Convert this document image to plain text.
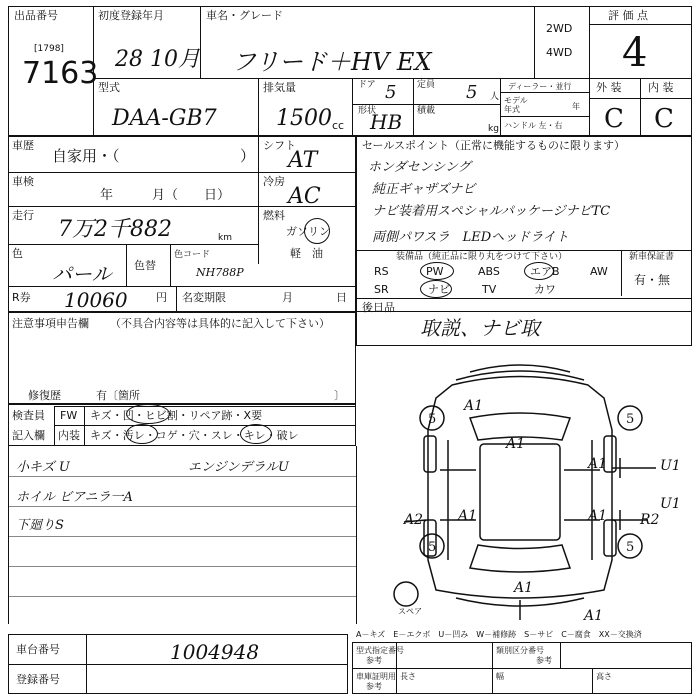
出品番号
[1798]
7163
初度登録年月
28 10月
車名・グレード
フリード＋HV EX
2WD
4WD
評 価 点
4
型式
DAA-GB7
排気量
1500 cc
ドア 5 定員 5 人
形状
HB 積載
kg
ディーラー・並行
モデル年式	年
ハンドル 左・右
外 装 内 装
C C
車歴
自家用・（	）
シフト
AT
車検
年　　　月（　　日）
冷房
AC
走行
7万2千882	km
燃料
ガソリン
軽　油
色
パール 色替
色コード
NH788P
R券 10060	円 名変期限	月	日
セールスポイント（正常に機能するものに限ります）
ホンダセンシング
純正ギャザズナビ
ナビ装着用スペシャルパッケージナビTC
両側パワスラ　LEDヘッドライト
装備品（純正品に限り丸をつけて下さい）	新車保証書
有・無
RS	PW	ABS	エアB	AW
SR	ナビ	TV	カワ
後日品
取説、ナビ取
注意事項申告欄 （不具合内容等は具体的に記入して下さい）
修復歴	有〔箇所	〕
検査員
記入欄
FW キズ・凹・ヒビ割・リペア跡・X要
内装 キズ・汚レ・コゲ・穴・スレ・キレ・破レ
小キズ U
ホイル ビアニラ一A
下廻りS
エンジンデラルU
A1
A1
A1
A1	A1
A1
U1
U1
A2	R2
A1
5	5
5	5
スペア
A－キズ　E－エクボ　U－凹み　W－補修跡　S－サビ　C－腐食　XX－交換済
車台番号	1004948
登録番号
型式指定番号
参考
類別区分番号
参考
車庫証明用
参考
長さ	幅	高さ
